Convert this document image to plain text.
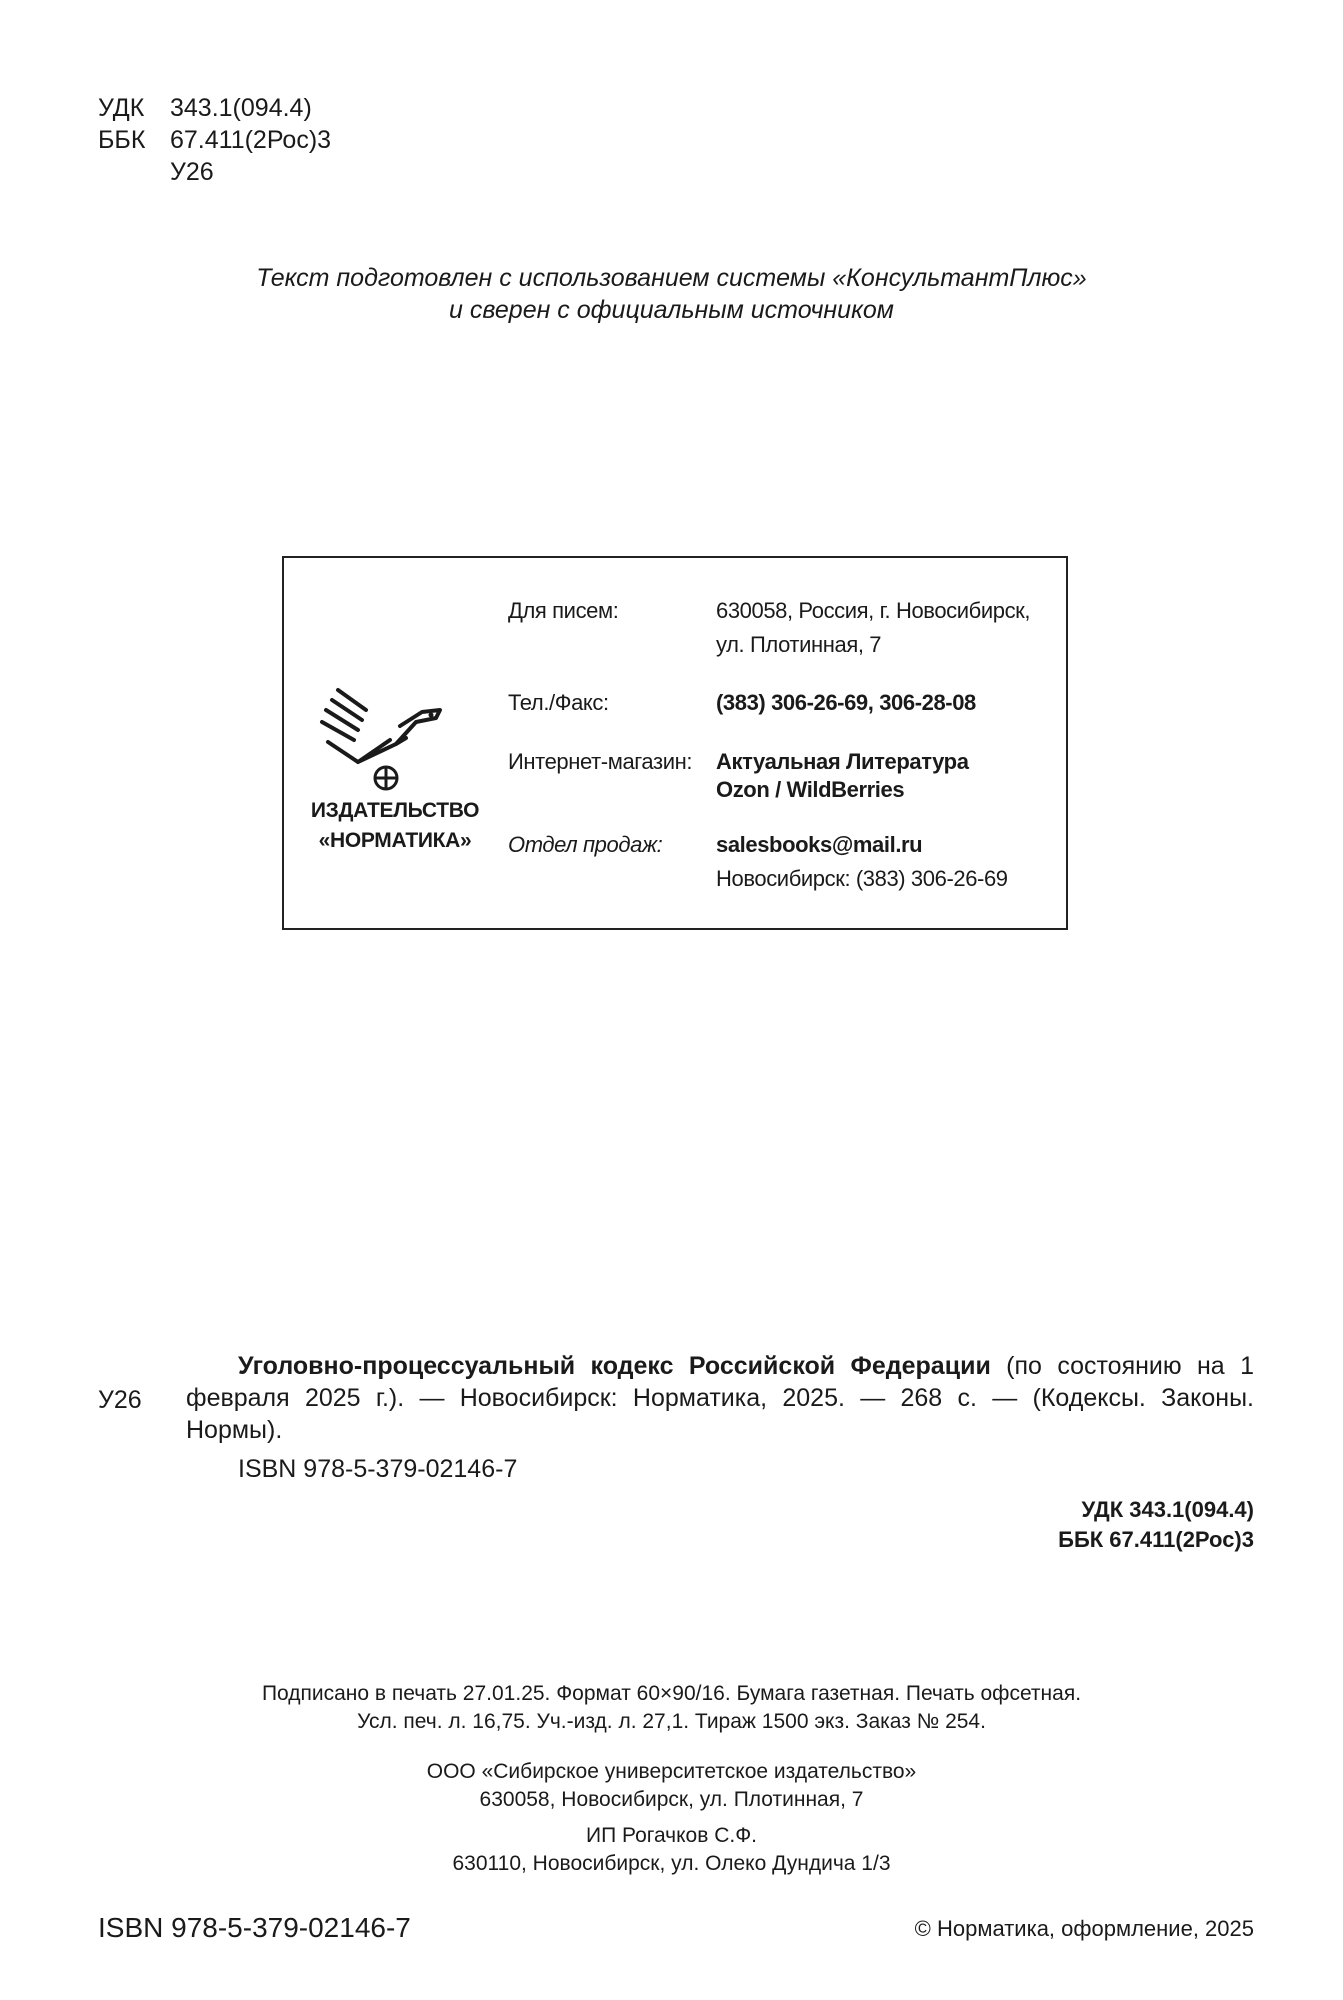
УДК	343.1(094.4)
ББК 67.411(2Рос)3
У26
Текст подготовлен с использованием системы «КонсультантПлюс»
и сверен с официальным источником
ИЗДАТЕЛЬСТВО
«НОРМАТИКА»
Для писем:	630058, Россия, г. Новосибирск,
ул. Плотинная, 7
Тел./Факс:	(383) 306-26-69, 306-28-08
Интернет-магазин: Актуальная Литература
Ozon / WildBerries
Отдел продаж: salesbooks@mail.ru
Новосибирск: (383) 306-26-69
У26
Уголовно-процессуальный кодекс Российской Федерации (по состоянию на 1 февраля 2025 г.). — Новосибирск: Норматика, 2025. — 268 с. — (Кодексы. Законы. Нормы).
ISBN 978-5-379-02146-7
УДК 343.1(094.4)
ББК 67.411(2Рос)3
Подписано в печать 27.01.25. Формат 60×90/16. Бумага газетная. Печать офсетная.
Усл. печ. л. 16,75. Уч.-изд. л. 27,1. Тираж 1500 экз. Заказ № 254.
ООО «Сибирское университетское издательство»
630058, Новосибирск, ул. Плотинная, 7
ИП Рогачков С.Ф.
630110, Новосибирск, ул. Олеко Дундича 1/3
ISBN 978-5-379-02146-7	© Норматика, оформление, 2025
